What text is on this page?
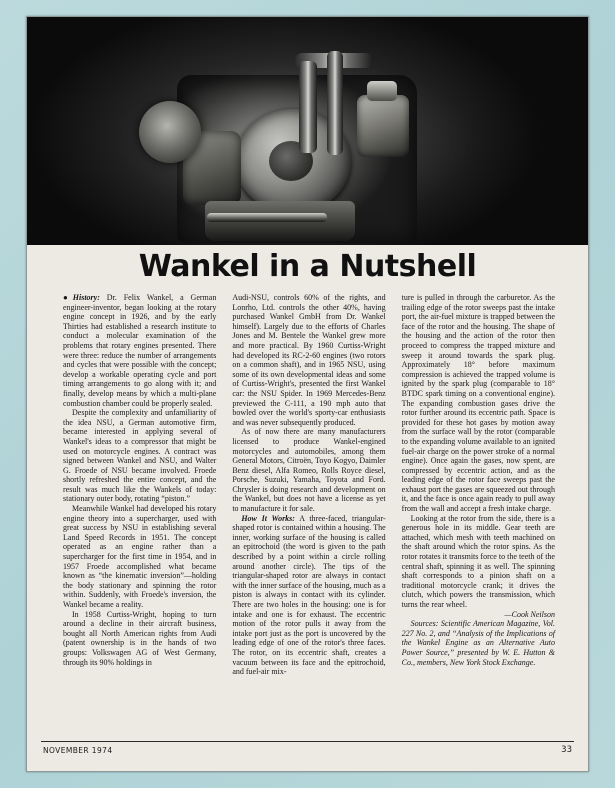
Wankel in a Nutshell

●History: Dr. Felix Wankel, a German engineer-inventor, began looking at the rotary engine concept in 1926, and by the early Thirties had established a research institute to conduct a molecular examination of the problems that rotary engines presented. There were three: reduce the number of arrangements and cycles that were possible with the concept; develop a workable operating cycle and port timing arrangements to go along with it; and finally, develop means by which a multi-plane combustion chamber could be properly sealed.

Despite the complexity and unfamiliarity of the idea NSU, a German automotive firm, became interested in applying several of Wankel's ideas to a compressor that might be used on motorcycle engines. A contract was signed between Wankel and NSU, and Walter G. Froede of NSU became involved. Froede shortly refreshed the entire concept, and the result was much like the Wankels of today: stationary outer body, rotating “piston.”

Meanwhile Wankel had developed his rotary engine theory into a supercharger, used with great success by NSU in establishing several Land Speed Records in 1951. The concept operated as an engine rather than a supercharger for the first time in 1954, and in 1957 Froede accomplished what became known as “the kinematic inversion”—holding the body stationary and spinning the rotor within. Suddenly, with Froede's inversion, the Wankel became a reality.

In 1958 Curtiss-Wright, hoping to turn around a decline in their aircraft business, bought all North American rights from Audi (patent ownership is in the hands of two groups: Volkswagen AG of West Germany, through its 90% holdings in

Audi-NSU, controls 60% of the rights, and Lonrho, Ltd. controls the other 40%, having purchased Wankel GmbH from Dr. Wankel himself). Largely due to the efforts of Charles Jones and M. Bentele the Wankel grew more and more practical. By 1960 Curtiss-Wright had developed its RC-2-60 engines (two rotors on a common shaft), and in 1965 NSU, using some of its own developmental ideas and some of Curtiss-Wright's, presented the first Wankel car: the NSU Spider. In 1969 Mercedes-Benz previewed the C-111, a 190 mph auto that bowled over the world's sporty-car enthusiasts and was never subsequently produced.

As of now there are many manufacturers licensed to produce Wankel-engined motorcycles and automobiles, among them General Motors, Citroën, Toyo Kogyo, Daimler Benz diesel, Alfa Romeo, Rolls Royce diesel, Porsche, Suzuki, Yamaha, Toyota and Ford. Chrysler is doing research and development on the Wankel, but does not have a license as yet to manufacture it for sale.

How It Works: A three-faced, triangular-shaped rotor is contained within a housing. The inner, working surface of the housing is called an epitrochoid (the word is given to the path described by a point within a circle rolling around another circle). The tips of the triangular-shaped rotor are always in contact with the inner surface of the housing, much as a piston is always in contact with its cylinder. There are two holes in the housing: one is for intake and one is for exhaust. The eccentric motion of the rotor pulls it away from the intake port just as the port is uncovered by the leading edge of one of the rotor's three faces. The rotor, on its eccentric shaft, creates a vacuum between its face and the epitrochoid, and fuel-air mix-

ture is pulled in through the carburetor. As the trailing edge of the rotor sweeps past the intake port, the air-fuel mixture is trapped between the face of the rotor and the housing. The shape of the housing and the action of the rotor then proceed to compress the trapped mixture and sweep it around towards the spark plug. Approximately 18° before maximum compression is achieved the trapped volume is ignited by the spark plug (comparable to 18° BTDC spark timing on a conventional engine). The expanding combustion gases drive the rotor further around its eccentric path. Space is provided for these hot gases by motion away from the surface wall by the rotor (comparable to the expanding volume available to an ignited fuel-air charge on the power stroke of a normal engine). Once again the gases, now spent, are compressed by eccentric action, and as the leading edge of the rotor face sweeps past the exhaust port the gases are squeezed out through it, and the face is once again ready to pull away from the wall and accept a fresh intake charge.

Looking at the rotor from the side, there is a generous hole in its middle. Gear teeth are attached, which mesh with teeth machined on the shaft around which the rotor spins. As the rotor rotates it transmits force to the teeth of the central shaft, spinning it as well. The spinning shaft corresponds to a pinion shaft on a traditional motorcycle crank; it drives the clutch, which powers the transmission, which turns the rear wheel.

—Cook Neilson

Sources: Scientific American Magazine, Vol. 227 No. 2, and “Analysis of the Implications of the Wankel Engine as an Alternative Auto Power Source,” presented by W. E. Hutton & Co., members, New York Stock Exchange.

NOVEMBER 1974	33
